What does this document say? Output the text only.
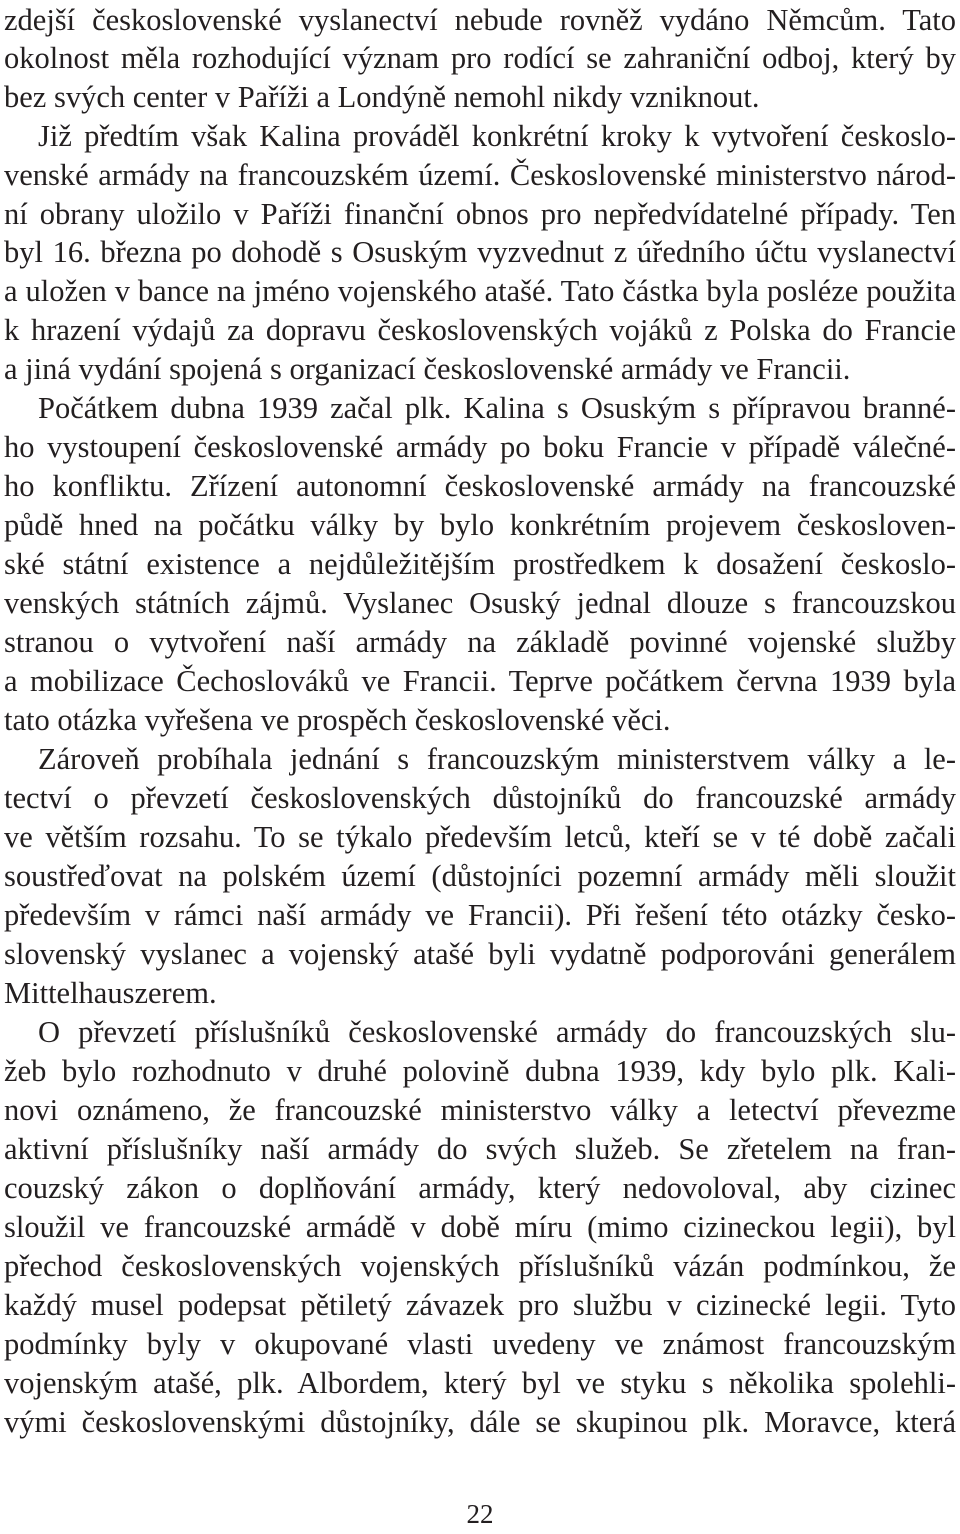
zdejší československé vyslanectví nebude rovněž vydáno Němcům. Tato
okolnost měla rozhodující význam pro rodící se zahraniční odboj, který by
bez svých center v Paříži a Londýně nemohl nikdy vzniknout.
Již předtím však Kalina prováděl konkrétní kroky k vytvoření českoslo-
venské armády na francouzském území. Československé ministerstvo národ-
ní obrany uložilo v Paříži finanční obnos pro nepředvídatelné případy. Ten
byl 16. března po dohodě s Osuským vyzvednut z úředního účtu vyslanectví
a uložen v bance na jméno vojenského atašé. Tato částka byla posléze použita
k hrazení výdajů za dopravu československých vojáků z Polska do Francie
a jiná vydání spojená s organizací československé armády ve Francii.
Počátkem dubna 1939 začal plk. Kalina s Osuským s přípravou branné-
ho vystoupení československé armády po boku Francie v případě válečné-
ho konfliktu. Zřízení autonomní československé armády na francouzské
půdě hned na počátku války by bylo konkrétním projevem českosloven-
ské státní existence a nejdůležitějším prostředkem k dosažení českoslo-
venských státních zájmů. Vyslanec Osuský jednal dlouze s francouzskou
stranou o vytvoření naší armády na základě povinné vojenské služby
a mobilizace Čechoslováků ve Francii. Teprve počátkem června 1939 byla
tato otázka vyřešena ve prospěch československé věci.
Zároveň probíhala jednání s francouzským ministerstvem války a le-
tectví o převzetí československých důstojníků do francouzské armády
ve větším rozsahu. To se týkalo především letců, kteří se v té době začali
soustřeďovat na polském území (důstojníci pozemní armády měli sloužit
především v rámci naší armády ve Francii). Při řešení této otázky česko-
slovenský vyslanec a vojenský atašé byli vydatně podporováni generálem
Mittelhauszerem.
O převzetí příslušníků československé armády do francouzských slu-
žeb bylo rozhodnuto v druhé polovině dubna 1939, kdy bylo plk. Kali-
novi oznámeno, že francouzské ministerstvo války a letectví převezme
aktivní příslušníky naší armády do svých služeb. Se zřetelem na fran-
couzský zákon o doplňování armády, který nedovoloval, aby cizinec
sloužil ve francouzské armádě v době míru (mimo cizineckou legii), byl
přechod československých vojenských příslušníků vázán podmínkou, že
každý musel podepsat pětiletý závazek pro službu v cizinecké legii. Tyto
podmínky byly v okupované vlasti uvedeny ve známost francouzským
vojenským atašé, plk. Albordem, který byl ve styku s několika spolehli-
vými československými důstojníky, dále se skupinou plk. Moravce, která
22
